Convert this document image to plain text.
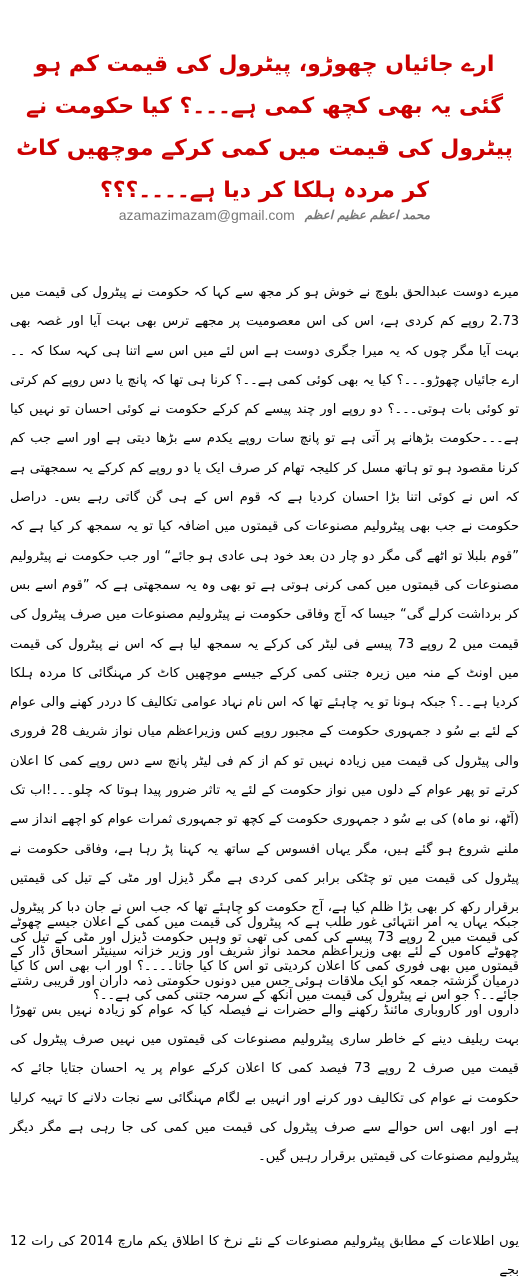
ارے جائیاں چھوڑو، پیٹرول کی قیمت کم ہو گئی یہ بھی کچھ کمی ہے۔۔۔؟ کیا حکومت نے پیٹرول کی قیمت میں کمی کرکے موچھیں کاٹ کر مردہ ہلکا کر دیا ہے۔۔۔۔؟؟؟
محمد اعظم عظیم اعظم
azamazimazam@gmail.com

میرے دوست عبدالحق بلوچ نے خوش ہو کر مجھ سے کہا کہ حکومت نے پیٹرول کی قیمت میں 2.73 روپے کم کردی ہے، اس کی اس معصومیت پر مجھے ترس بھی بہت آیا اور غصہ بھی بہت آیا مگر چوں کہ یہ میرا جگری دوست ہے اس لئے میں اس سے اتنا ہی کہہ سکا کہ ۔۔ارے جائیاں چھوڑو۔۔۔؟ کیا یہ بھی کوئی کمی ہے۔۔؟ کرنا ہی تھا کہ پانچ یا دس روپے کم کرتی تو کوئی بات ہوتی۔۔۔؟ دو روپے اور چند پیسے کم کرکے حکومت نے کوئی احسان تو نہیں کیا ہے۔۔۔حکومت بڑھانے پر آتی ہے تو پانچ سات روپے یکدم سے بڑھا دیتی ہے اور اسے جب کم کرنا مقصود ہو تو ہاتھ مسل کر کلیجہ تھام کر صرف ایک یا دو روپے کم کرکے یہ سمجھتی ہے کہ اس نے کوئی اتنا بڑا احسان کردیا ہے کہ قوم اس کے ہی گن گاتی رہے بس۔ دراصل حکومت نے جب بھی پیٹرولیم مصنوعات کی قیمتوں میں اضافہ کیا تو یہ سمجھ کر کیا ہے کہ ”قوم بلبلا تو اٹھے گی مگر دو چار دن بعد خود ہی عادی ہو جائے“ اور جب حکومت نے پیٹرولیم مصنوعات کی قیمتوں میں کمی کرنی ہوتی ہے تو بھی وہ یہ سمجھتی ہے کہ ”قوم اسے بس کر برداشت کرلے گی“ جیسا کہ آج وفاقی حکومت نے پیٹرولیم مصنوعات میں صرف پیٹرول کی قیمت میں 2 روپے 73 پیسے فی لیٹر کی کرکے یہ سمجھ لیا ہے کہ اس نے پیٹرول کی قیمت میں اونٹ کے منہ میں زیرہ جتنی کمی کرکے جیسے موچھیں کاٹ کر مہنگائی کا مردہ ہلکا کردیا ہے۔۔؟ جبکہ ہونا تو یہ چاہئے تھا کہ اس نام نہاد عوامی تکالیف کا دردر کھنے والی عوام کے لئے بے سُو د جمہوری حکومت کے مجبور روپے کس وزیراعظم میاں نواز شریف 28 فروری والی پیٹرول کی قیمت میں زیادہ نہیں تو کم از کم فی لیٹر پانچ سے دس روپے کمی کا اعلان کرتے تو پھر عوام کے دلوں میں نواز حکومت کے لئے یہ تاثر ضرور پیدا ہوتا کہ چلو۔۔۔!اب تک (آٹھ، نو ماہ) کی بے سُو د جمہوری حکومت کے کچھ تو جمہوری ثمرات عوام کو اچھے انداز سے ملنے شروع ہو گئے ہیں، مگر یہاں افسوس کے ساتھ یہ کہنا پڑ رہا ہے، وفاقی حکومت نے پیٹرول کی قیمت میں تو چٹکی برابر کمی کردی ہے مگر ڈیزل اور مٹی کے تیل کی قیمتیں برقرار رکھ کر بھی بڑا ظلم کیا ہے، آج حکومت کو چاہئے تھا کہ جب اس نے جان دبا کر پیٹرول کی قیمت میں 2 روپے 73 پیسے کی کمی کی تھی تو وہیں حکومت ڈیزل اور مٹی کے تیل کی قیمتوں میں بھی فوری کمی کا اعلان کردیتی تو اس کا کیا جاتا۔۔۔۔؟ اور اب بھی اس کا کیا جائے۔۔؟ جو اس نے پیٹرول کی قیمت میں آنکھ کے سرمہ جتنی کمی کی ہے۔۔؟

جبکہ یہاں یہ امر انتہائی غور طلب ہے کہ پیٹرول کی قیمت میں کمی کے اعلان جیسے چھوٹے چھوٹے کاموں کے لئے بھی وزیراعظم محمد نواز شریف اور وزیر خزانہ سینیٹر اسحاق ڈار کے درمیان گزشتہ جمعہ کو ایک ملاقات ہوئی جس میں دونوں حکومتی ذمہ داران اور قریبی رشتے داروں اور کاروباری مائنڈ رکھنے والے حضرات نے فیصلہ کیا کہ عوام کو زیادہ نہیں بس تھوڑا بہت ریلیف دینے کے خاطر ساری پیٹرولیم مصنوعات کی قیمتوں میں نہیں صرف پیٹرول کی قیمت میں صرف 2 روپے 73 فیصد کمی کا اعلان کرکے عوام پر یہ احسان جتایا جائے کہ حکومت نے عوام کی تکالیف دور کرنے اور انہیں بے لگام مہنگائی سے نجات دلانے کا تہیہ کرلیا ہے اور ابھی اس حوالے سے صرف پیٹرول کی قیمت میں کمی کی جا رہی ہے مگر دیگر پیٹرولیم مصنوعات کی قیمتیں برقرار رہیں گیں۔

یوں اطلاعات کے مطابق پیٹرولیم مصنوعات کے نئے نرخ کا اطلاق یکم مارچ 2014 کی رات 12 بجے
